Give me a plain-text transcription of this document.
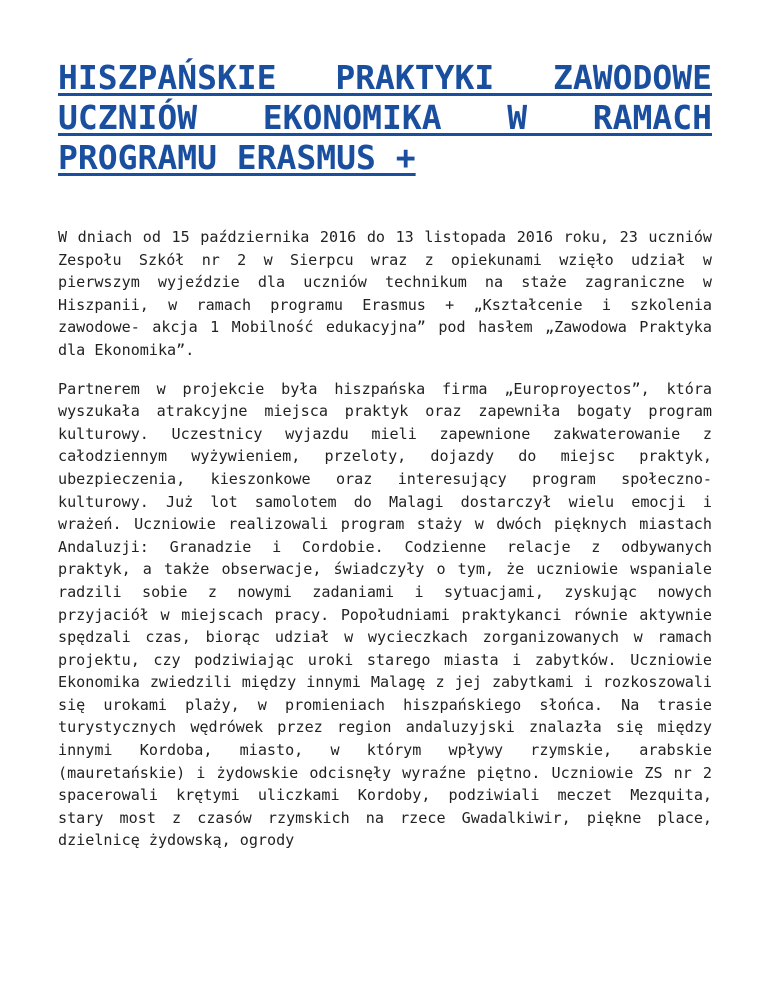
HISZPAŃSKIE PRAKTYKI ZAWODOWE UCZNIÓW EKONOMIKA W RAMACH PROGRAMU ERASMUS +

W dniach od 15 października 2016 do 13 listopada 2016 roku, 23 uczniów Zespołu Szkół nr 2 w Sierpcu wraz z opiekunami wzięło udział w pierwszym wyjeździe dla uczniów technikum na staże zagraniczne w Hiszpanii, w ramach programu Erasmus + „Kształcenie i szkolenia zawodowe- akcja 1 Mobilność edukacyjna” pod hasłem „Zawodowa Praktyka dla Ekonomika”.

Partnerem w projekcie była hiszpańska firma „Europroyectos”, która wyszukała atrakcyjne miejsca praktyk oraz zapewniła bogaty program kulturowy. Uczestnicy wyjazdu mieli zapewnione zakwaterowanie z całodziennym wyżywieniem, przeloty, dojazdy do miejsc praktyk, ubezpieczenia, kieszonkowe oraz interesujący program społeczno-kulturowy. Już lot samolotem do Malagi dostarczył wielu emocji i wrażeń. Uczniowie realizowali program staży w dwóch pięknych miastach Andaluzji: Granadzie i Cordobie. Codzienne relacje z odbywanych praktyk, a także obserwacje, świadczyły o tym, że uczniowie wspaniale radzili sobie z nowymi zadaniami i sytuacjami, zyskując nowych przyjaciół w miejscach pracy. Popołudniami praktykanci równie aktywnie spędzali czas, biorąc udział w wycieczkach zorganizowanych w ramach projektu, czy podziwiając uroki starego miasta i zabytków. Uczniowie Ekonomika zwiedzili między innymi Malagę z jej zabytkami i rozkoszowali się urokami plaży, w promieniach hiszpańskiego słońca. Na trasie turystycznych wędrówek przez region andaluzyjski znalazła się między innymi Kordoba, miasto, w którym wpływy rzymskie, arabskie (mauretańskie) i żydowskie odcisnęły wyraźne piętno. Uczniowie ZS nr 2 spacerowali krętymi uliczkami Kordoby, podziwiali meczet Mezquita, stary most z czasów rzymskich na rzece Gwadalkiwir, piękne place, dzielnicę żydowską, ogrody
